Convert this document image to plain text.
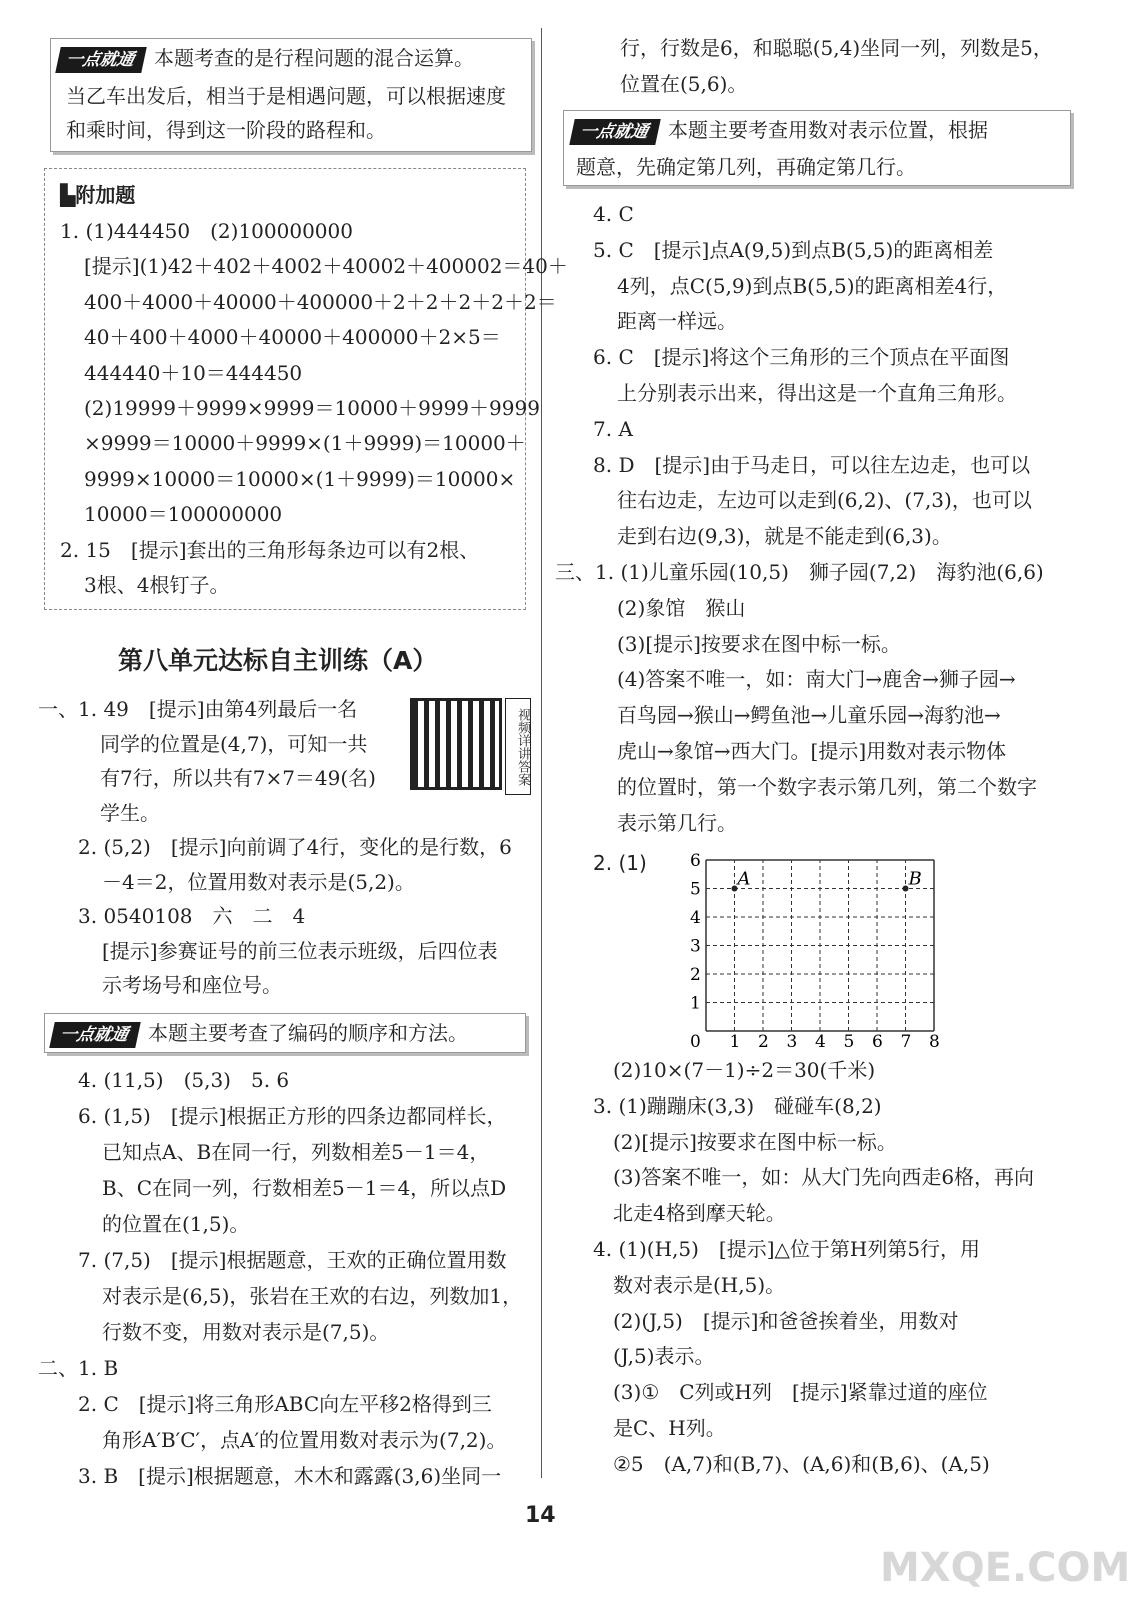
一点就通 本题考查的是行程问题的混合运算。
当乙车出发后，相当于是相遇问题，可以根据速度
和乘时间，得到这一阶段的路程和。
▙附加题
1. (1)444450　(2)100000000
[提示](1)42＋402＋4002＋40002＋400002＝40＋
400＋4000＋40000＋400000＋2＋2＋2＋2＋2＝
40＋400＋4000＋40000＋400000＋2×5＝
444440＋10＝444450
(2)19999＋9999×9999＝10000＋9999＋9999
×9999＝10000＋9999×(1＋9999)＝10000＋
9999×10000＝10000×(1＋9999)＝10000×
10000＝100000000
2. 15　[提示]套出的三角形每条边可以有2根、
3根、4根钉子。
第八单元达标自主训练（A）
视频详讲答案
一、1. 49　[提示]由第4列最后一名
同学的位置是(4,7)，可知一共
有7行，所以共有7×7＝49(名)
学生。
2. (5,2)　[提示]向前调了4行，变化的是行数，6
－4＝2，位置用数对表示是(5,2)。
3. 0540108　六　二　4
[提示]参赛证号的前三位表示班级，后四位表
示考场号和座位号。
一点就通 本题主要考查了编码的顺序和方法。
4. (11,5)　(5,3)　5. 6
6. (1,5)　[提示]根据正方形的四条边都同样长，
已知点A、B在同一行，列数相差5－1＝4，
B、C在同一列，行数相差5－1＝4，所以点D
的位置在(1,5)。
7. (7,5)　[提示]根据题意，王欢的正确位置用数
对表示是(6,5)，张岩在王欢的右边，列数加1，
行数不变，用数对表示是(7,5)。
二、1. B
2. C　[提示]将三角形ABC向左平移2格得到三
角形A′B′C′，点A′的位置用数对表示为(7,2)。
3. B　[提示]根据题意，木木和露露(3,6)坐同一
行，行数是6，和聪聪(5,4)坐同一列，列数是5，
位置在(5,6)。
一点就通 本题主要考查用数对表示位置，根据
题意，先确定第几列，再确定第几行。
4. C
5. C　[提示]点A(9,5)到点B(5,5)的距离相差
4列，点C(5,9)到点B(5,5)的距离相差4行，
距离一样远。
6. C　[提示]将这个三角形的三个顶点在平面图
上分别表示出来，得出这是一个直角三角形。
7. A
8. D　[提示]由于马走日，可以往左边走，也可以
往右边走，左边可以走到(6,2)、(7,3)，也可以
走到右边(9,3)，就是不能走到(6,3)。
三、1. (1)儿童乐园(10,5)　狮子园(7,2)　海豹池(6,6)
(2)象馆　猴山
(3)[提示]按要求在图中标一标。
(4)答案不唯一，如：南大门→鹿舍→狮子园→
百鸟园→猴山→鳄鱼池→儿童乐园→海豹池→
虎山→象馆→西大门。[提示]用数对表示物体
的位置时，第一个数字表示第几列，第二个数字
表示第几行。
2. (1)
1 2 3 4 5 6 7 8
1
2
3
4
5
6
0
A	B
(2)10×(7－1)÷2＝30(千米)
3. (1)蹦蹦床(3,3)　碰碰车(8,2)
(2)[提示]按要求在图中标一标。
(3)答案不唯一，如：从大门先向西走6格，再向
北走4格到摩天轮。
4. (1)(H,5)　[提示]△位于第H列第5行，用
数对表示是(H,5)。
(2)(J,5)　[提示]和爸爸挨着坐，用数对
(J,5)表示。
(3)①　C列或H列　[提示]紧靠过道的座位
是C、H列。
②5　(A,7)和(B,7)、(A,6)和(B,6)、(A,5)
14
MXQE.COM
